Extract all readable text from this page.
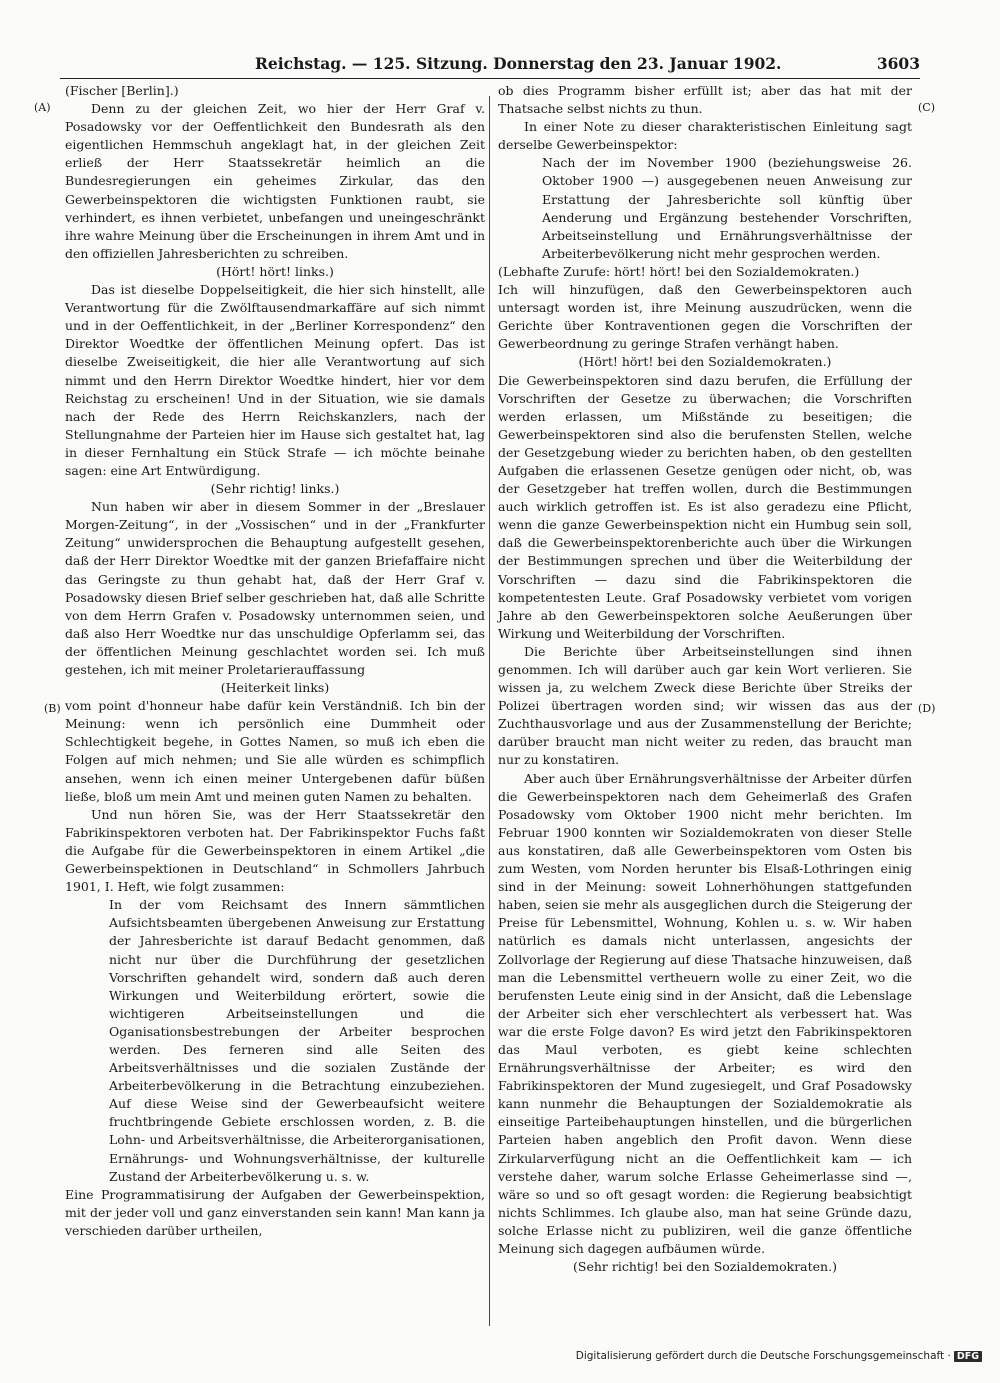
Reichstag. — 125. Sitzung. Donnerstag den 23. Januar 1902.	3603
(A)
(B)
(C)
(D)

(Fischer [Berlin].)

Denn zu der gleichen Zeit, wo hier der Herr Graf v. Posadowsky vor der Oeffentlichkeit den Bundesrath als den eigentlichen Hemmschuh angeklagt hat, in der gleichen Zeit erließ der Herr Staatssekretär heimlich an die Bundesregierungen ein geheimes Zirkular, das den Gewerbeinspektoren die wichtigsten Funktionen raubt, sie verhindert, es ihnen verbietet, unbefangen und uneingeschränkt ihre wahre Meinung über die Erscheinungen in ihrem Amt und in den offiziellen Jahresberichten zu schreiben.

(Hört! hört! links.)

Das ist dieselbe Doppelseitigkeit, die hier sich hinstellt, alle Verantwortung für die Zwölftausendmarkaffäre auf sich nimmt und in der Oeffentlichkeit, in der „Berliner Korrespondenz“ den Direktor Woedtke der öffentlichen Meinung opfert. Das ist dieselbe Zweiseitigkeit, die hier alle Verantwortung auf sich nimmt und den Herrn Direktor Woedtke hindert, hier vor dem Reichstag zu erscheinen! Und in der Situation, wie sie damals nach der Rede des Herrn Reichskanzlers, nach der Stellungnahme der Parteien hier im Hause sich gestaltet hat, lag in dieser Fernhaltung ein Stück Strafe — ich möchte beinahe sagen: eine Art Entwürdigung.

(Sehr richtig! links.)

Nun haben wir aber in diesem Sommer in der „Breslauer Morgen-Zeitung“, in der „Vossischen“ und in der „Frankfurter Zeitung“ unwidersprochen die Behauptung aufgestellt gesehen, daß der Herr Direktor Woedtke mit der ganzen Briefaffaire nicht das Geringste zu thun gehabt hat, daß der Herr Graf v. Posadowsky diesen Brief selber geschrieben hat, daß alle Schritte von dem Herrn Grafen v. Posadowsky unternommen seien, und daß also Herr Woedtke nur das unschuldige Opferlamm sei, das der öffentlichen Meinung geschlachtet worden sei. Ich muß gestehen, ich mit meiner Proletarierauffassung

(Heiterkeit links)

vom point d'honneur habe dafür kein Verständniß. Ich bin der Meinung: wenn ich persönlich eine Dummheit oder Schlechtigkeit begehe, in Gottes Namen, so muß ich eben die Folgen auf mich nehmen; und Sie alle würden es schimpflich ansehen, wenn ich einen meiner Untergebenen dafür büßen ließe, bloß um mein Amt und meinen guten Namen zu behalten.

Und nun hören Sie, was der Herr Staatssekretär den Fabrikinspektoren verboten hat. Der Fabrikinspektor Fuchs faßt die Aufgabe für die Gewerbeinspektoren in einem Artikel „die Gewerbeinspektionen in Deutschland“ in Schmollers Jahrbuch 1901, I. Heft, wie folgt zusammen:

In der vom Reichsamt des Innern sämmtlichen Aufsichtsbeamten übergebenen Anweisung zur Erstattung der Jahresberichte ist darauf Bedacht genommen, daß nicht nur über die Durchführung der gesetzlichen Vorschriften gehandelt wird, sondern daß auch deren Wirkungen und Weiterbildung erörtert, sowie die wichtigeren Arbeitseinstellungen und die Oganisationsbestrebungen der Arbeiter besprochen werden. Des ferneren sind alle Seiten des Arbeitsverhältnisses und die sozialen Zustände der Arbeiterbevölkerung in die Betrachtung einzubeziehen. Auf diese Weise sind der Gewerbeaufsicht weitere fruchtbringende Gebiete erschlossen worden, z. B. die Lohn- und Arbeitsverhältnisse, die Arbeiterorganisationen, Ernährungs- und Wohnungsverhältnisse, der kulturelle Zustand der Arbeiterbevölkerung u. s. w.

Eine Programmatisirung der Aufgaben der Gewerbeinspektion, mit der jeder voll und ganz einverstanden sein kann! Man kann ja verschieden darüber urtheilen,

ob dies Programm bisher erfüllt ist; aber das hat mit der Thatsache selbst nichts zu thun.

In einer Note zu dieser charakteristischen Einleitung sagt derselbe Gewerbeinspektor:

Nach der im November 1900 (beziehungsweise 26. Oktober 1900 —) ausgegebenen neuen Anweisung zur Erstattung der Jahresberichte soll künftig über Aenderung und Ergänzung bestehender Vorschriften, Arbeitseinstellung und Ernährungsverhältnisse der Arbeiterbevölkerung nicht mehr gesprochen werden.

(Lebhafte Zurufe: hört! hört! bei den Sozialdemokraten.)

Ich will hinzufügen, daß den Gewerbeinspektoren auch untersagt worden ist, ihre Meinung auszudrücken, wenn die Gerichte über Kontraventionen gegen die Vorschriften der Gewerbeordnung zu geringe Strafen verhängt haben.

(Hört! hört! bei den Sozialdemokraten.)

Die Gewerbeinspektoren sind dazu berufen, die Erfüllung der Vorschriften der Gesetze zu überwachen; die Vorschriften werden erlassen, um Mißstände zu beseitigen; die Gewerbeinspektoren sind also die berufensten Stellen, welche der Gesetzgebung wieder zu berichten haben, ob den gestellten Aufgaben die erlassenen Gesetze genügen oder nicht, ob, was der Gesetzgeber hat treffen wollen, durch die Bestimmungen auch wirklich getroffen ist. Es ist also geradezu eine Pflicht, wenn die ganze Gewerbeinspektion nicht ein Humbug sein soll, daß die Gewerbeinspektorenberichte auch über die Wirkungen der Bestimmungen sprechen und über die Weiterbildung der Vorschriften — dazu sind die Fabrikinspektoren die kompetentesten Leute. Graf Posadowsky verbietet vom vorigen Jahre ab den Gewerbeinspektoren solche Aeußerungen über Wirkung und Weiterbildung der Vorschriften.

Die Berichte über Arbeitseinstellungen sind ihnen genommen. Ich will darüber auch gar kein Wort verlieren. Sie wissen ja, zu welchem Zweck diese Berichte über Streiks der Polizei übertragen worden sind; wir wissen das aus der Zuchthausvorlage und aus der Zusammenstellung der Berichte; darüber braucht man nicht weiter zu reden, das braucht man nur zu konstatiren.

Aber auch über Ernährungsverhältnisse der Arbeiter dürfen die Gewerbeinspektoren nach dem Geheimerlaß des Grafen Posadowsky vom Oktober 1900 nicht mehr berichten. Im Februar 1900 konnten wir Sozialdemokraten von dieser Stelle aus konstatiren, daß alle Gewerbeinspektoren vom Osten bis zum Westen, vom Norden herunter bis Elsaß-Lothringen einig sind in der Meinung: soweit Lohnerhöhungen stattgefunden haben, seien sie mehr als ausgeglichen durch die Steigerung der Preise für Lebensmittel, Wohnung, Kohlen u. s. w. Wir haben natürlich es damals nicht unterlassen, angesichts der Zollvorlage der Regierung auf diese Thatsache hinzuweisen, daß man die Lebensmittel vertheuern wolle zu einer Zeit, wo die berufensten Leute einig sind in der Ansicht, daß die Lebenslage der Arbeiter sich eher verschlechtert als verbessert hat. Was war die erste Folge davon? Es wird jetzt den Fabrikinspektoren das Maul verboten, es giebt keine schlechten Ernährungsverhältnisse der Arbeiter; es wird den Fabrikinspektoren der Mund zugesiegelt, und Graf Posadowsky kann nunmehr die Behauptungen der Sozialdemokratie als einseitige Parteibehauptungen hinstellen, und die bürgerlichen Parteien haben angeblich den Profit davon. Wenn diese Zirkularverfügung nicht an die Oeffentlichkeit kam — ich verstehe daher, warum solche Erlasse Geheimerlasse sind —, wäre so und so oft gesagt worden: die Regierung beabsichtigt nichts Schlimmes. Ich glaube also, man hat seine Gründe dazu, solche Erlasse nicht zu publiziren, weil die ganze öffentliche Meinung sich dagegen aufbäumen würde.

(Sehr richtig! bei den Sozialdemokraten.)

Digitalisierung gefördert durch die Deutsche Forschungsgemeinschaft · DFG
